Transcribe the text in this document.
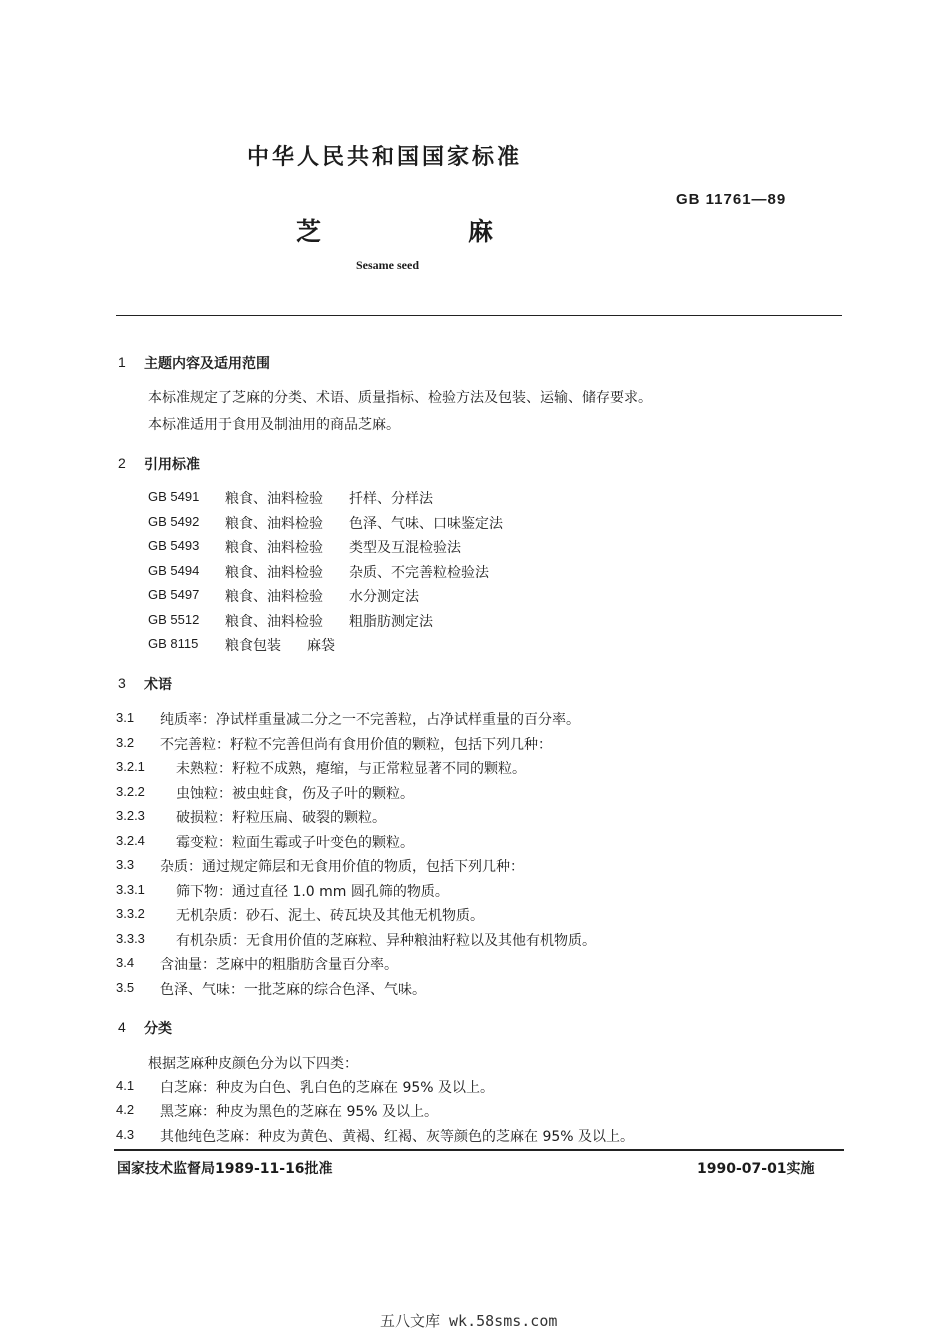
中华人民共和国国家标准
GB 11761—89
芝	麻
Sesame seed
1 主题内容及适用范围
本标准规定了芝麻的分类、术语、质量指标、检验方法及包装、运输、储存要求。
本标准适用于食用及制油用的商品芝麻。
2 引用标准
GB 5491 粮食、油料检验 扦样、分样法
GB 5492 粮食、油料检验 色泽、气味、口味鉴定法
GB 5493 粮食、油料检验 类型及互混检验法
GB 5494 粮食、油料检验 杂质、不完善粒检验法
GB 5497 粮食、油料检验 水分测定法
GB 5512 粮食、油料检验 粗脂肪测定法
GB 8115 粮食包装 麻袋
3 术语
3.1 纯质率：净试样重量减二分之一不完善粒，占净试样重量的百分率。
3.2 不完善粒：籽粒不完善但尚有食用价值的颗粒，包括下列几种：
3.2.1 未熟粒：籽粒不成熟，瘪缩，与正常粒显著不同的颗粒。
3.2.2 虫蚀粒：被虫蛀食，伤及子叶的颗粒。
3.2.3 破损粒：籽粒压扁、破裂的颗粒。
3.2.4 霉变粒：粒面生霉或子叶变色的颗粒。
3.3 杂质：通过规定筛层和无食用价值的物质，包括下列几种：
3.3.1 筛下物：通过直径 1.0 mm 圆孔筛的物质。
3.3.2 无机杂质：砂石、泥土、砖瓦块及其他无机物质。
3.3.3 有机杂质：无食用价值的芝麻粒、异种粮油籽粒以及其他有机物质。
3.4 含油量：芝麻中的粗脂肪含量百分率。
3.5 色泽、气味：一批芝麻的综合色泽、气味。
4 分类
根据芝麻种皮颜色分为以下四类：
4.1 白芝麻：种皮为白色、乳白色的芝麻在 95% 及以上。
4.2 黑芝麻：种皮为黑色的芝麻在 95% 及以上。
4.3 其他纯色芝麻：种皮为黄色、黄褐、红褐、灰等颜色的芝麻在 95% 及以上。
国家技术监督局1989-11-16批准	1990-07-01实施
五八文库 wk.58sms.com
